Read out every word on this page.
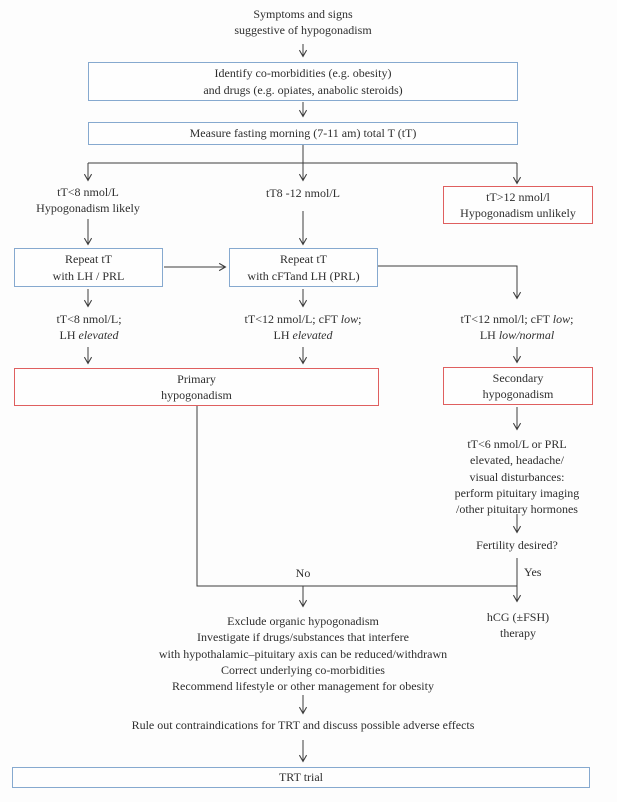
Symptoms and signs
suggestive of hypogonadism
Identify co-morbidities (e.g. obesity)
and drugs (e.g. opiates, anabolic steroids)
Measure fasting morning (7-11 am) total T (tT)
tT<8 nmol/L
Hypogonadism likely
tT8 -12 nmol/L	tT>12 nmol/l
Hypogonadism unlikely
Repeat tT
with LH / PRL
Repeat tT
with cFTand LH (PRL)
tT<8 nmol/L;
LH elevated
tT<12 nmol/L; cFT low;
LH elevated
tT<12 nmol/l; cFT low;
LH low/normal
Primary
hypogonadism
Secondary
hypogonadism
tT<6 nmol/L or PRL
elevated, headache/
visual disturbances:
perform pituitary imaging
/other pituitary hormones
Fertility desired?
No	Yes
hCG (±FSH)
therapy
Exclude organic hypogonadism
Investigate if drugs/substances that interfere
with hypothalamic–pituitary axis can be reduced/withdrawn
Correct underlying co-morbidities
Recommend lifestyle or other management for obesity
Rule out contraindications for TRT and discuss possible adverse effects
TRT trial
